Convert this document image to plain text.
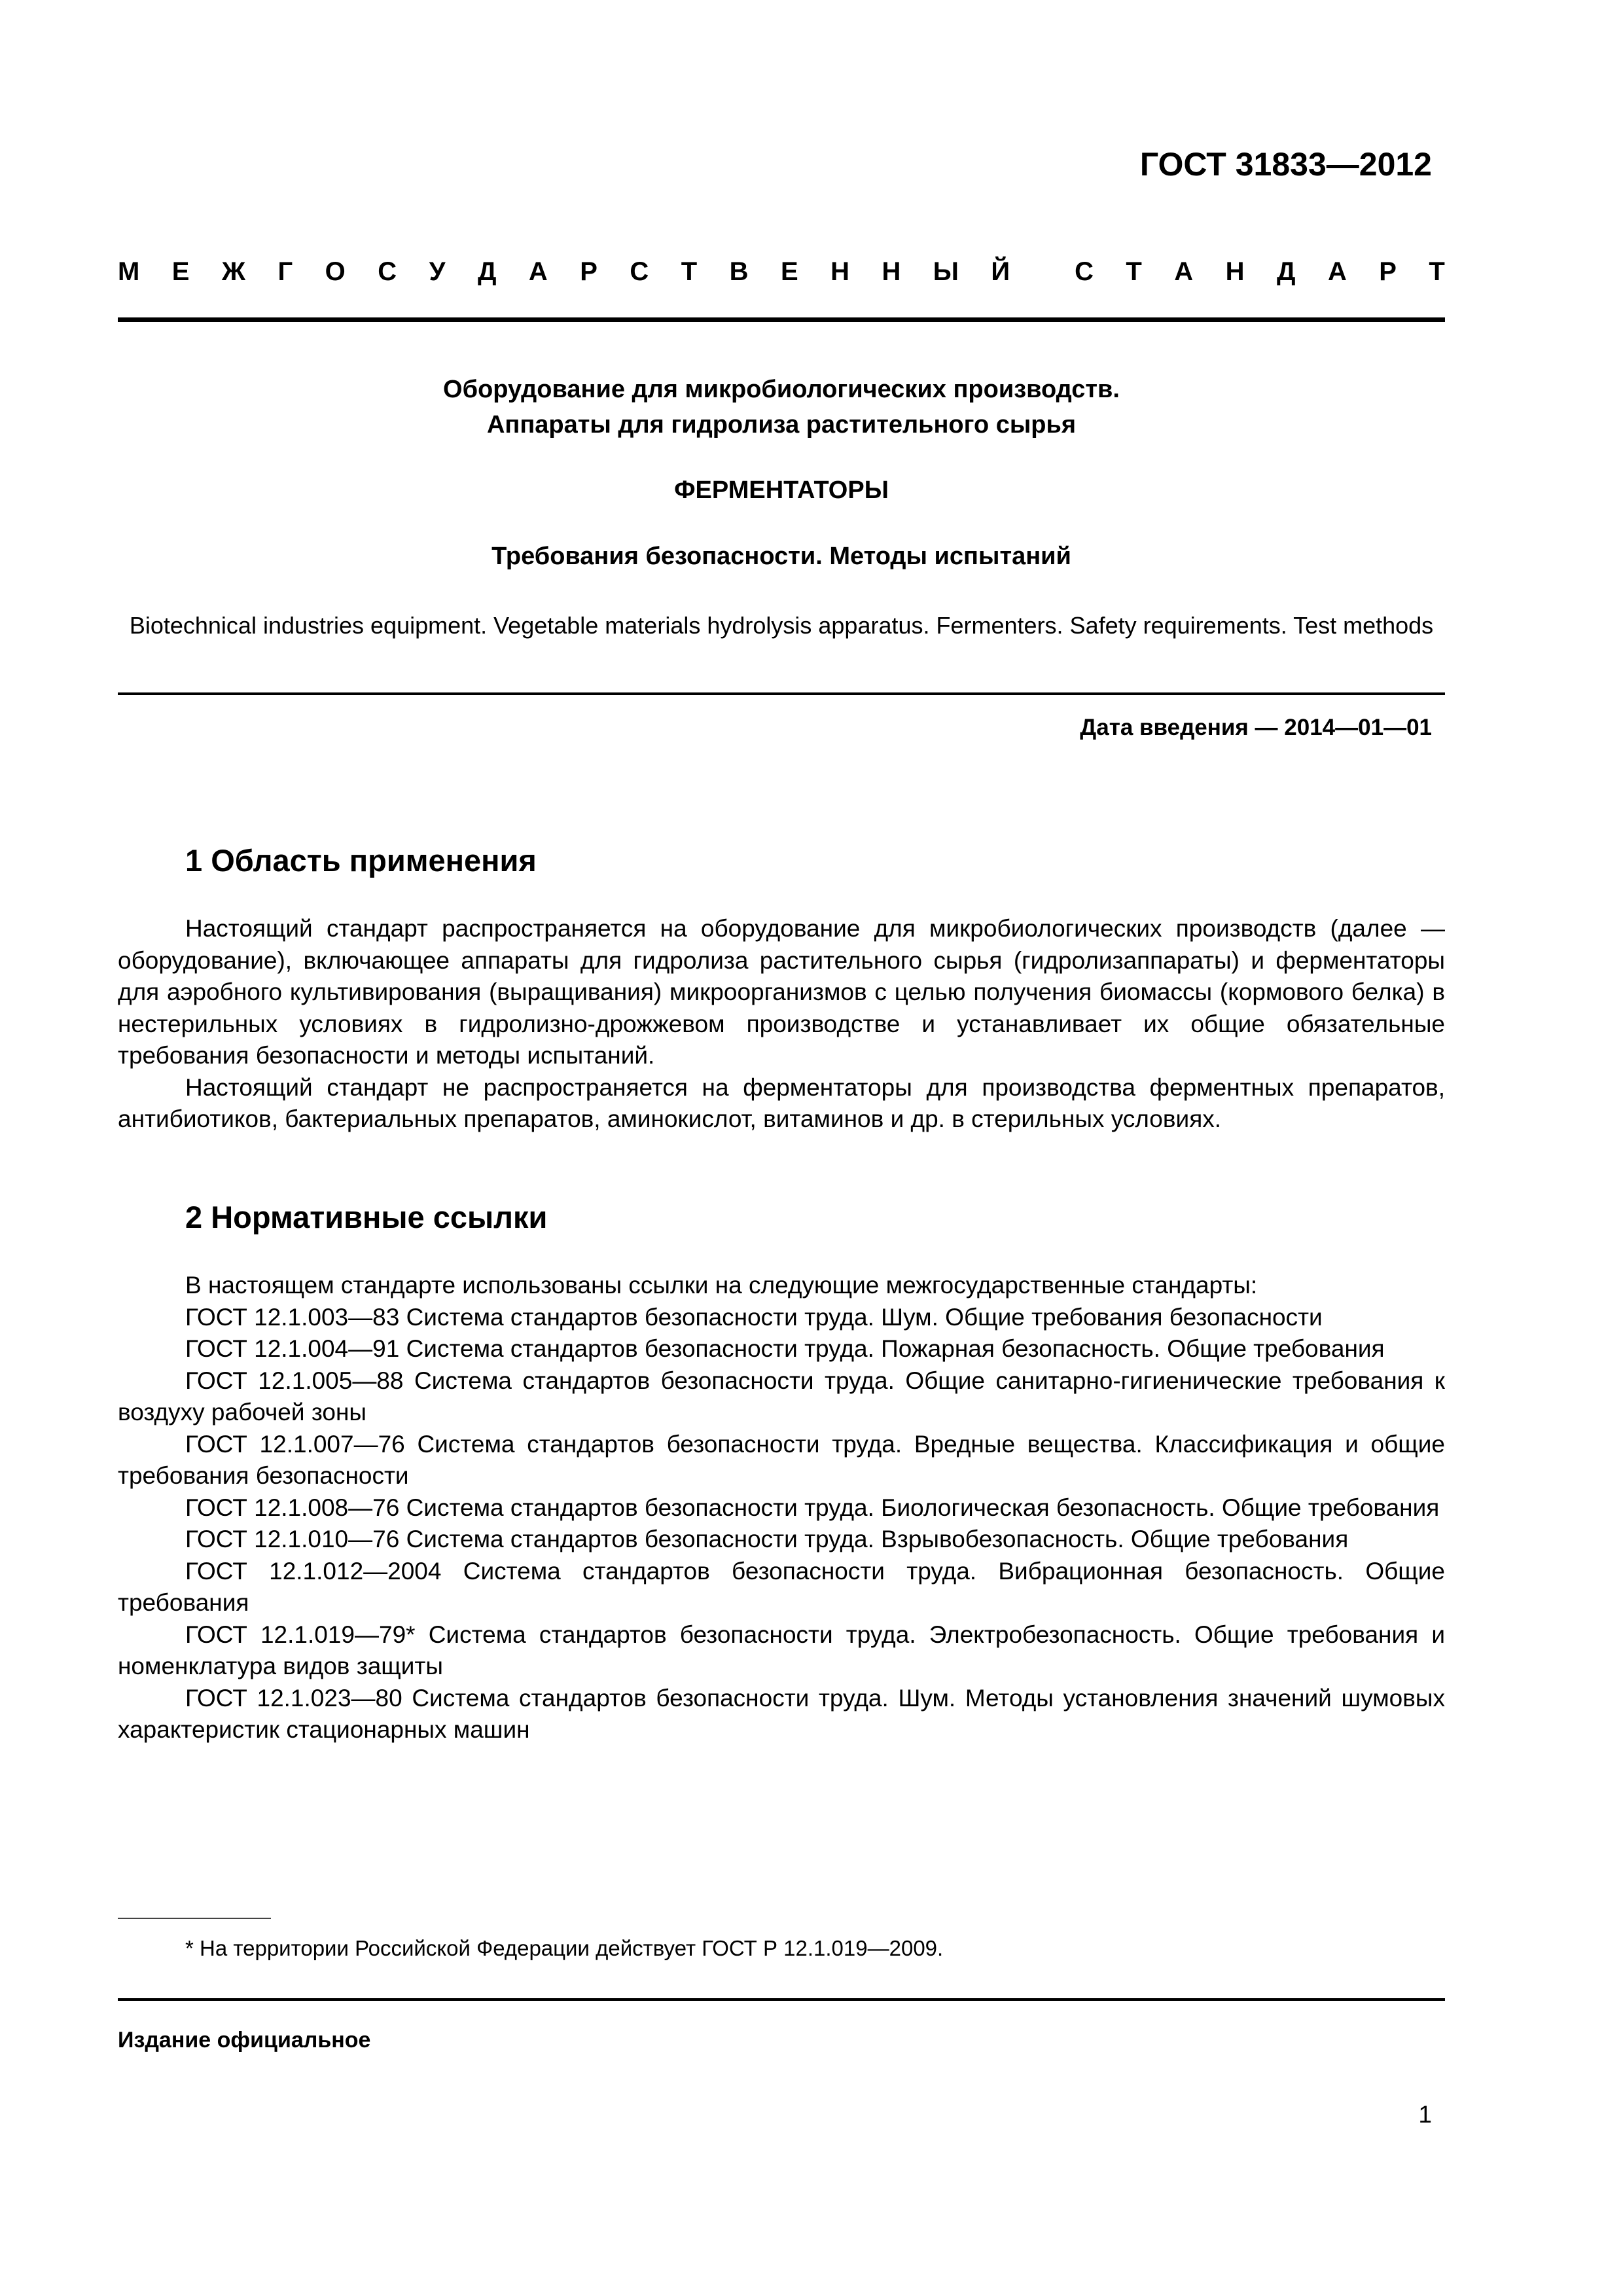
ГОСТ 31833—2012
М Е Ж Г О С У Д А Р С Т В Е Н Н Ы Й С Т А Н Д А Р Т
Оборудование для микробиологических производств.
Аппараты для гидролиза растительного сырья
ФЕРМЕНТАТОРЫ
Требования безопасности. Методы испытаний
Biotechnical industries equipment. Vegetable materials hydrolysis apparatus. Fermenters. Safety requirements. Test methods
Дата введения — 2014—01—01
1 Область применения

Настоящий стандарт распространяется на оборудование для микробиологических производств (далее — оборудование), включающее аппараты для гидролиза растительного сырья (гидролизаппараты) и ферментаторы для аэробного культивирования (выращивания) микроорганизмов с целью получения биомассы (кормового белка) в нестерильных условиях в гидролизно-дрожжевом производстве и устанавливает их общие обязательные требования безопасности и методы испытаний.

Настоящий стандарт не распространяется на ферментаторы для производства ферментных препаратов, антибиотиков, бактериальных препаратов, аминокислот, витаминов и др. в стерильных условиях.

2 Нормативные ссылки

В настоящем стандарте использованы ссылки на следующие межгосударственные стандарты:

ГОСТ 12.1.003—83 Система стандартов безопасности труда. Шум. Общие требования безопасности

ГОСТ 12.1.004—91 Система стандартов безопасности труда. Пожарная безопасность. Общие требования

ГОСТ 12.1.005—88 Система стандартов безопасности труда. Общие санитарно-гигиенические требования к воздуху рабочей зоны

ГОСТ 12.1.007—76 Система стандартов безопасности труда. Вредные вещества. Классификация и общие требования безопасности

ГОСТ 12.1.008—76 Система стандартов безопасности труда. Биологическая безопасность. Общие требования

ГОСТ 12.1.010—76 Система стандартов безопасности труда. Взрывобезопасность. Общие требования

ГОСТ 12.1.012—2004 Система стандартов безопасности труда. Вибрационная безопасность. Общие требования

ГОСТ 12.1.019—79* Система стандартов безопасности труда. Электробезопасность. Общие требования и номенклатура видов защиты

ГОСТ 12.1.023—80 Система стандартов безопасности труда. Шум. Методы установления значений шумовых характеристик стационарных машин

* На территории Российской Федерации действует ГОСТ Р 12.1.019—2009.
Издание официальное
1
